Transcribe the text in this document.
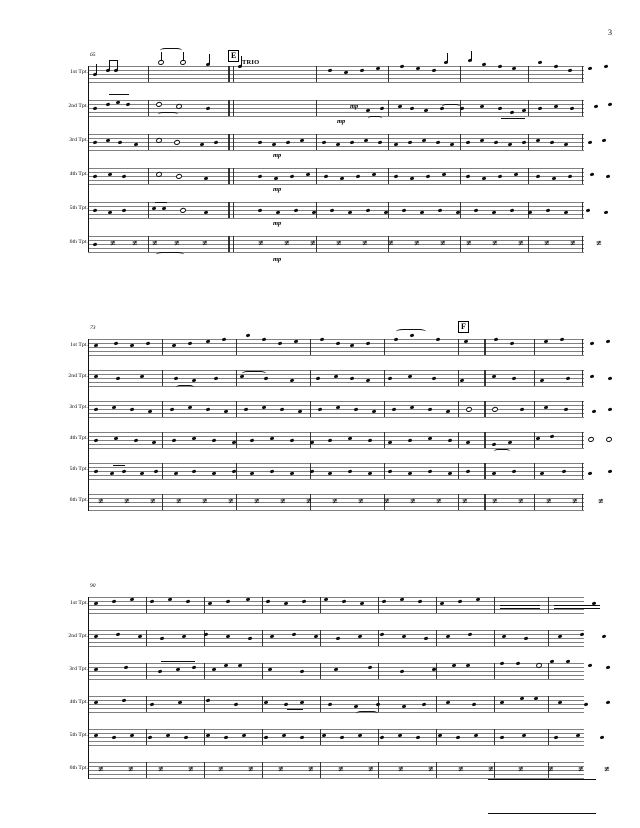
3
65	E
TRIO
1st Tpt.
2nd Tpt.
3rd Tpt.
4th Tpt.
5th Tpt.
6th Tpt.
mp
mp
mp
mp
mp
≢ ≢ ≢ ≢	≢
mp
≢	≢	≢	≢	≢	≢	≢	≢	≢	≢	≢	≢	≢	≢
73	F
1st Tpt.
2nd Tpt.
3rd Tpt.
4th Tpt.
5th Tpt.
6th Tpt. ≢	≢	≢	≢	≢	≢	≢	≢	≢	≢	≢	≢	≢	≢	≢	≢	≢	≢	≢	≢
90
1st Tpt.
2nd Tpt.
3rd Tpt.
4th Tpt.
5th Tpt.
6th Tpt. ≢	≢	≢	≢	≢	≢	≢	≢	≢	≢	≢	≢	≢	≢	≢	≢	≢	≢
